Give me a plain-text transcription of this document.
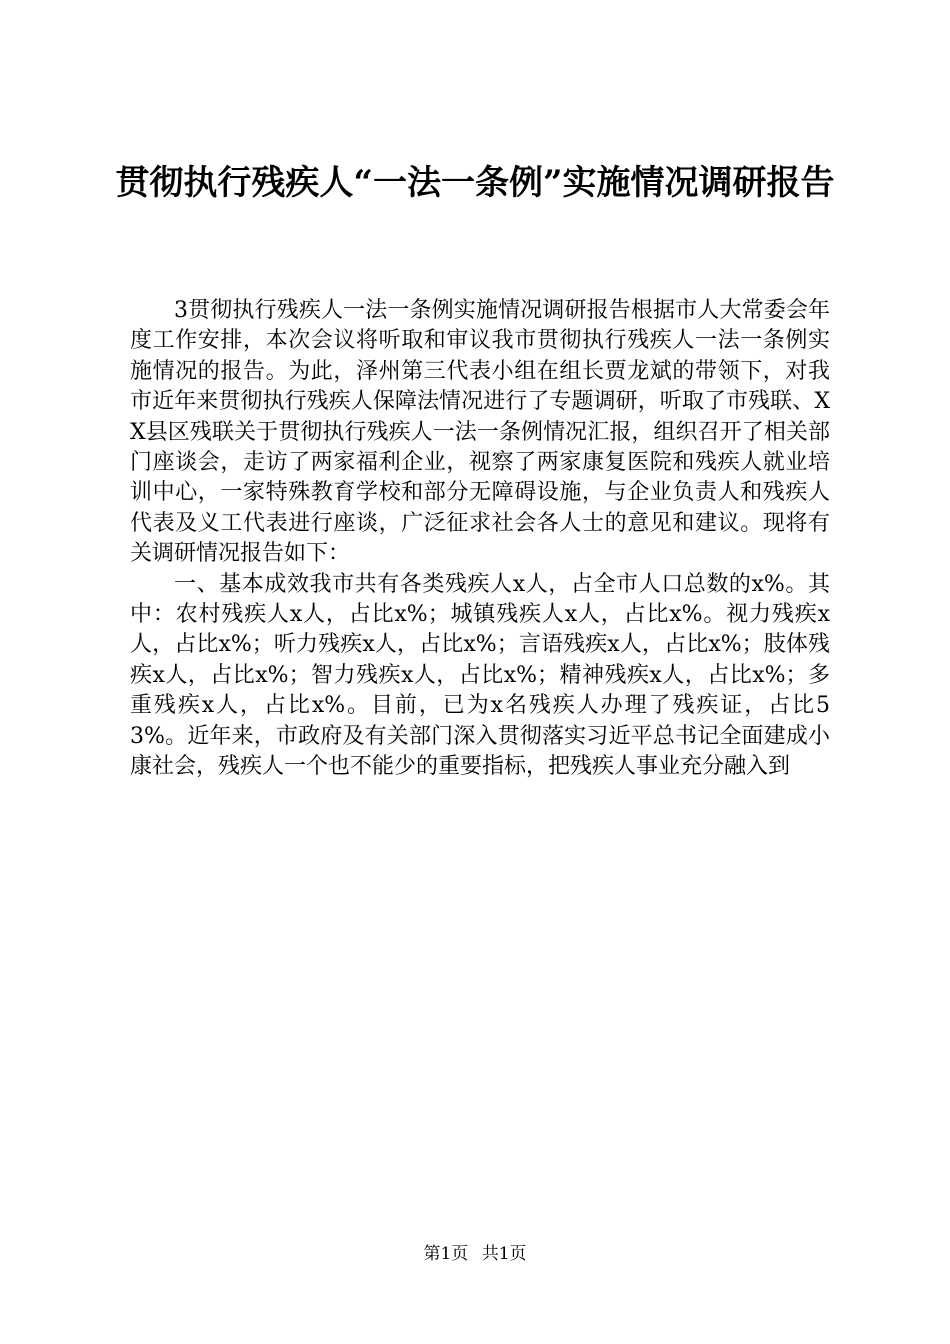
贯彻执行残疾人“一法一条例”实施情况调研报告

3贯彻执行残疾人一法一条例实施情况调研报告根据市人大常委会年度工作安排，本次会议将听取和审议我市贯彻执行残疾人一法一条例实施情况的报告。为此，泽州第三代表小组在组长贾龙斌的带领下，对我市近年来贯彻执行残疾人保障法情况进行了专题调研，听取了市残联、XX县区残联关于贯彻执行残疾人一法一条例情况汇报，组织召开了相关部门座谈会，走访了两家福利企业，视察了两家康复医院和残疾人就业培训中心，一家特殊教育学校和部分无障碍设施，与企业负责人和残疾人代表及义工代表进行座谈，广泛征求社会各人士的意见和建议。现将有关调研情况报告如下：

一、基本成效我市共有各类残疾人x人，占全市人口总数的x%。其中：农村残疾人x人，占比x%；城镇残疾人x人，占比x%。视力残疾x人，占比x%；听力残疾x人，占比x%；言语残疾x人，占比x%；肢体残疾x人，占比x%；智力残疾x人，占比x%；精神残疾x人，占比x%；多重残疾x人，占比x%。目前，已为x名残疾人办理了残疾证，占比53%。近年来，市政府及有关部门深入贯彻落实习近平总书记全面建成小康社会，残疾人一个也不能少的重要指标，把残疾人事业充分融入到

第1页 共1页
